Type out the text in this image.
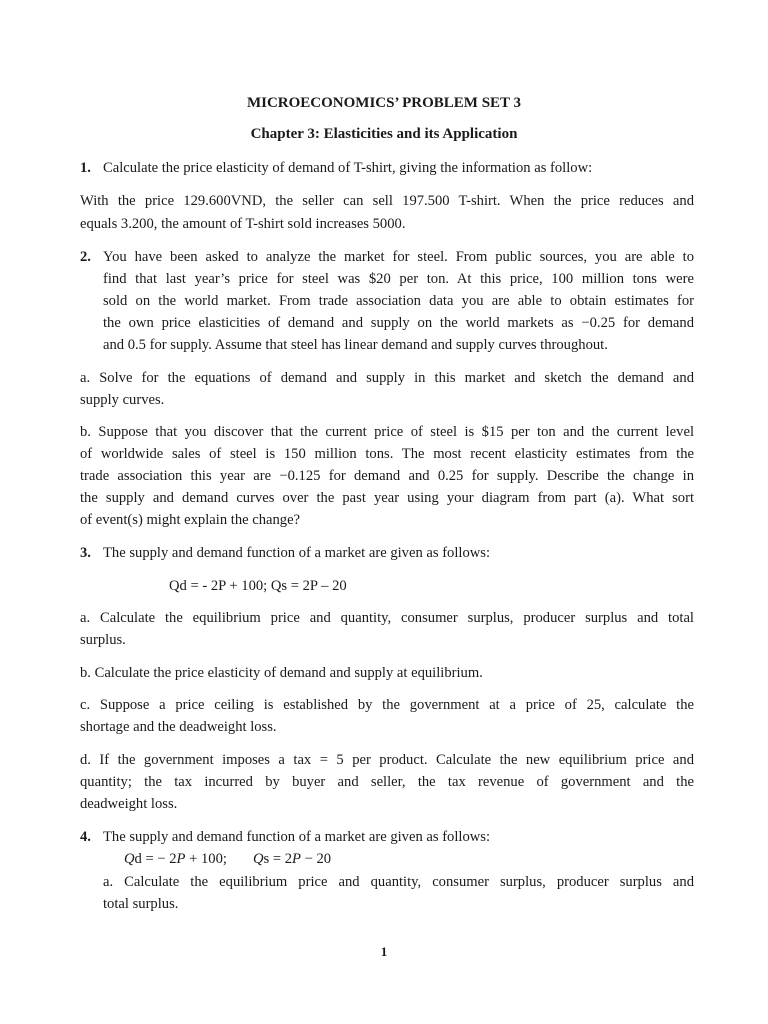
MICROECONOMICS’ PROBLEM SET 3
Chapter 3: Elasticities and its Application
1. Calculate the price elasticity of demand of T-shirt, giving the information as follow:
With the price 129.600VND, the seller can sell 197.500 T-shirt. When the price reduces and
equals 3.200, the amount of T-shirt sold increases 5000.
2. You have been asked to analyze the market for steel. From public sources, you are able to
find that last year’s price for steel was $20 per ton. At this price, 100 million tons were
sold on the world market. From trade association data you are able to obtain estimates for
the own price elasticities of demand and supply on the world markets as −0.25 for demand
and 0.5 for supply. Assume that steel has linear demand and supply curves throughout.
a. Solve for the equations of demand and supply in this market and sketch the demand and
supply curves.
b. Suppose that you discover that the current price of steel is $15 per ton and the current level
of worldwide sales of steel is 150 million tons. The most recent elasticity estimates from the
trade association this year are −0.125 for demand and 0.25 for supply. Describe the change in
the supply and demand curves over the past year using your diagram from part (a). What sort
of event(s) might explain the change?
3. The supply and demand function of a market are given as follows:
Qd = - 2P + 100; Qs = 2P – 20
a. Calculate the equilibrium price and quantity, consumer surplus, producer surplus and total
surplus.
b. Calculate the price elasticity of demand and supply at equilibrium.
c. Suppose a price ceiling is established by the government at a price of 25, calculate the
shortage and the deadweight loss.
d. If the government imposes a tax = 5 per product. Calculate the new equilibrium price and
quantity; the tax incurred by buyer and seller, the tax revenue of government and the
deadweight loss.
4. The supply and demand function of a market are given as follows:
Qd = − 2P + 100; Qs = 2P − 20
a. Calculate the equilibrium price and quantity, consumer surplus, producer surplus and
total surplus.
1
